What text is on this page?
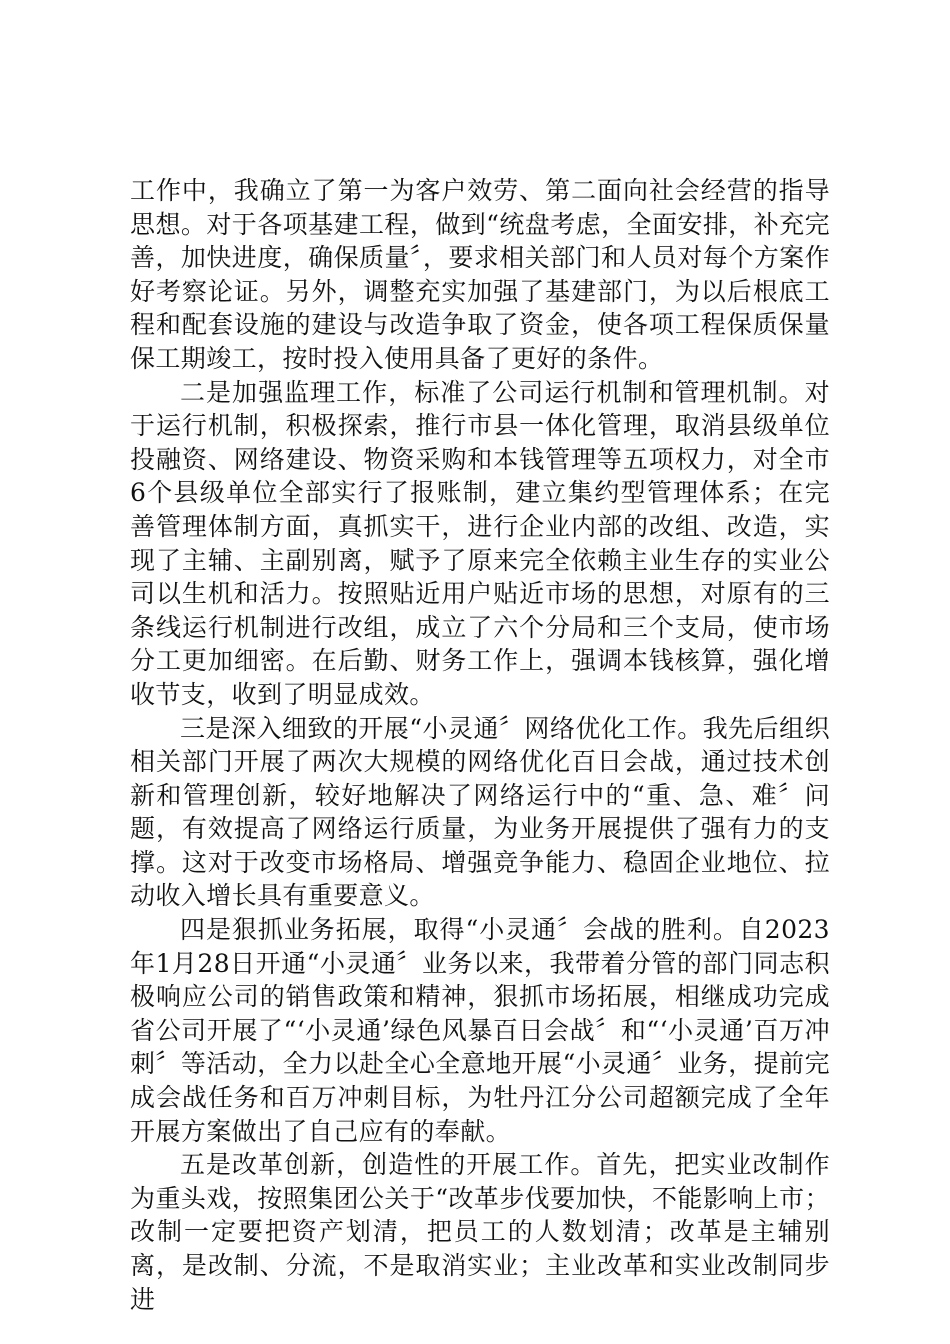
工作中，我确立了第一为客户效劳、第二面向社会经营的指导思想。对于各项基建工程，做到“统盘考虑，全面安排，补充完善，加快进度，确保质量〞，要求相关部门和人员对每个方案作好考察论证。另外，调整充实加强了基建部门，为以后根底工程和配套设施的建设与改造争取了资金，使各项工程保质保量保工期竣工，按时投入使用具备了更好的条件。

二是加强监理工作，标准了公司运行机制和管理机制。对于运行机制，积极探索，推行市县一体化管理，取消县级单位投融资、网络建设、物资采购和本钱管理等五项权力，对全市6个县级单位全部实行了报账制，建立集约型管理体系；在完善管理体制方面，真抓实干，进行企业内部的改组、改造，实现了主辅、主副别离，赋予了原来完全依赖主业生存的实业公司以生机和活力。按照贴近用户贴近市场的思想，对原有的三条线运行机制进行改组，成立了六个分局和三个支局，使市场分工更加细密。在后勤、财务工作上，强调本钱核算，强化增收节支，收到了明显成效。

三是深入细致的开展“小灵通〞网络优化工作。我先后组织相关部门开展了两次大规模的网络优化百日会战，通过技术创新和管理创新，较好地解决了网络运行中的“重、急、难〞问题，有效提高了网络运行质量，为业务开展提供了强有力的支撑。这对于改变市场格局、增强竞争能力、稳固企业地位、拉动收入增长具有重要意义。

四是狠抓业务拓展，取得“小灵通〞会战的胜利。自2023年1月28日开通“小灵通〞业务以来，我带着分管的部门同志积极响应公司的销售政策和精神，狠抓市场拓展，相继成功完成省公司开展了“‘小灵通’绿色风暴百日会战〞和“‘小灵通’百万冲刺〞等活动，全力以赴全心全意地开展“小灵通〞业务，提前完成会战任务和百万冲刺目标，为牡丹江分公司超额完成了全年开展方案做出了自己应有的奉献。

五是改革创新，创造性的开展工作。首先，把实业改制作为重头戏，按照集团公关于“改革步伐要加快，不能影响上市；改制一定要把资产划清，把员工的人数划清；改革是主辅别离，是改制、分流，不是取消实业；主业改革和实业改制同步进
